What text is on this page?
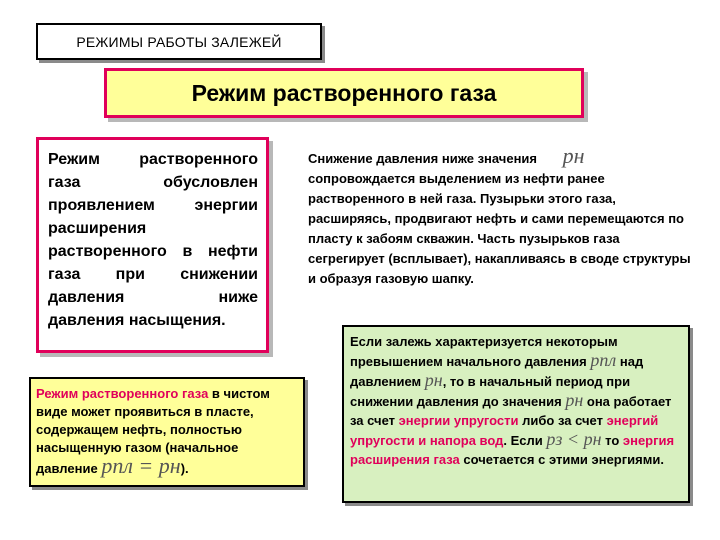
РЕЖИМЫ РАБОТЫ ЗАЛЕЖЕЙ
Режим растворенного газа
Режим растворенного
газа обусловлен
проявлением энергии
расширения
растворенного в нефти
газа при снижении
давления ниже
давления насыщения.
Режим растворенного газа в чистом виде может проявиться в пласте, содержащем нефть, полностью насыщенную газом (начальное давление pпл = pн).
Снижение давления ниже значения pн
сопровождается выделением из нефти ранее растворенного в ней газа. Пузырьки этого газа, расширяясь, продвигают нефть и сами перемещаются по пласту к забоям скважин. Часть пузырьков газа сегрегирует (всплывает), накапливаясь в своде структуры и образуя газовую шапку.
Если залежь характеризуется некоторым превышением начального давления pпл над давлением pн, то в начальный период при снижении давления до значения pн она работает за счет энергии упругости либо за счет энергий упругости и напора вод. Если pз < pн то энергия расширения газа сочетается с этими энергиями.
